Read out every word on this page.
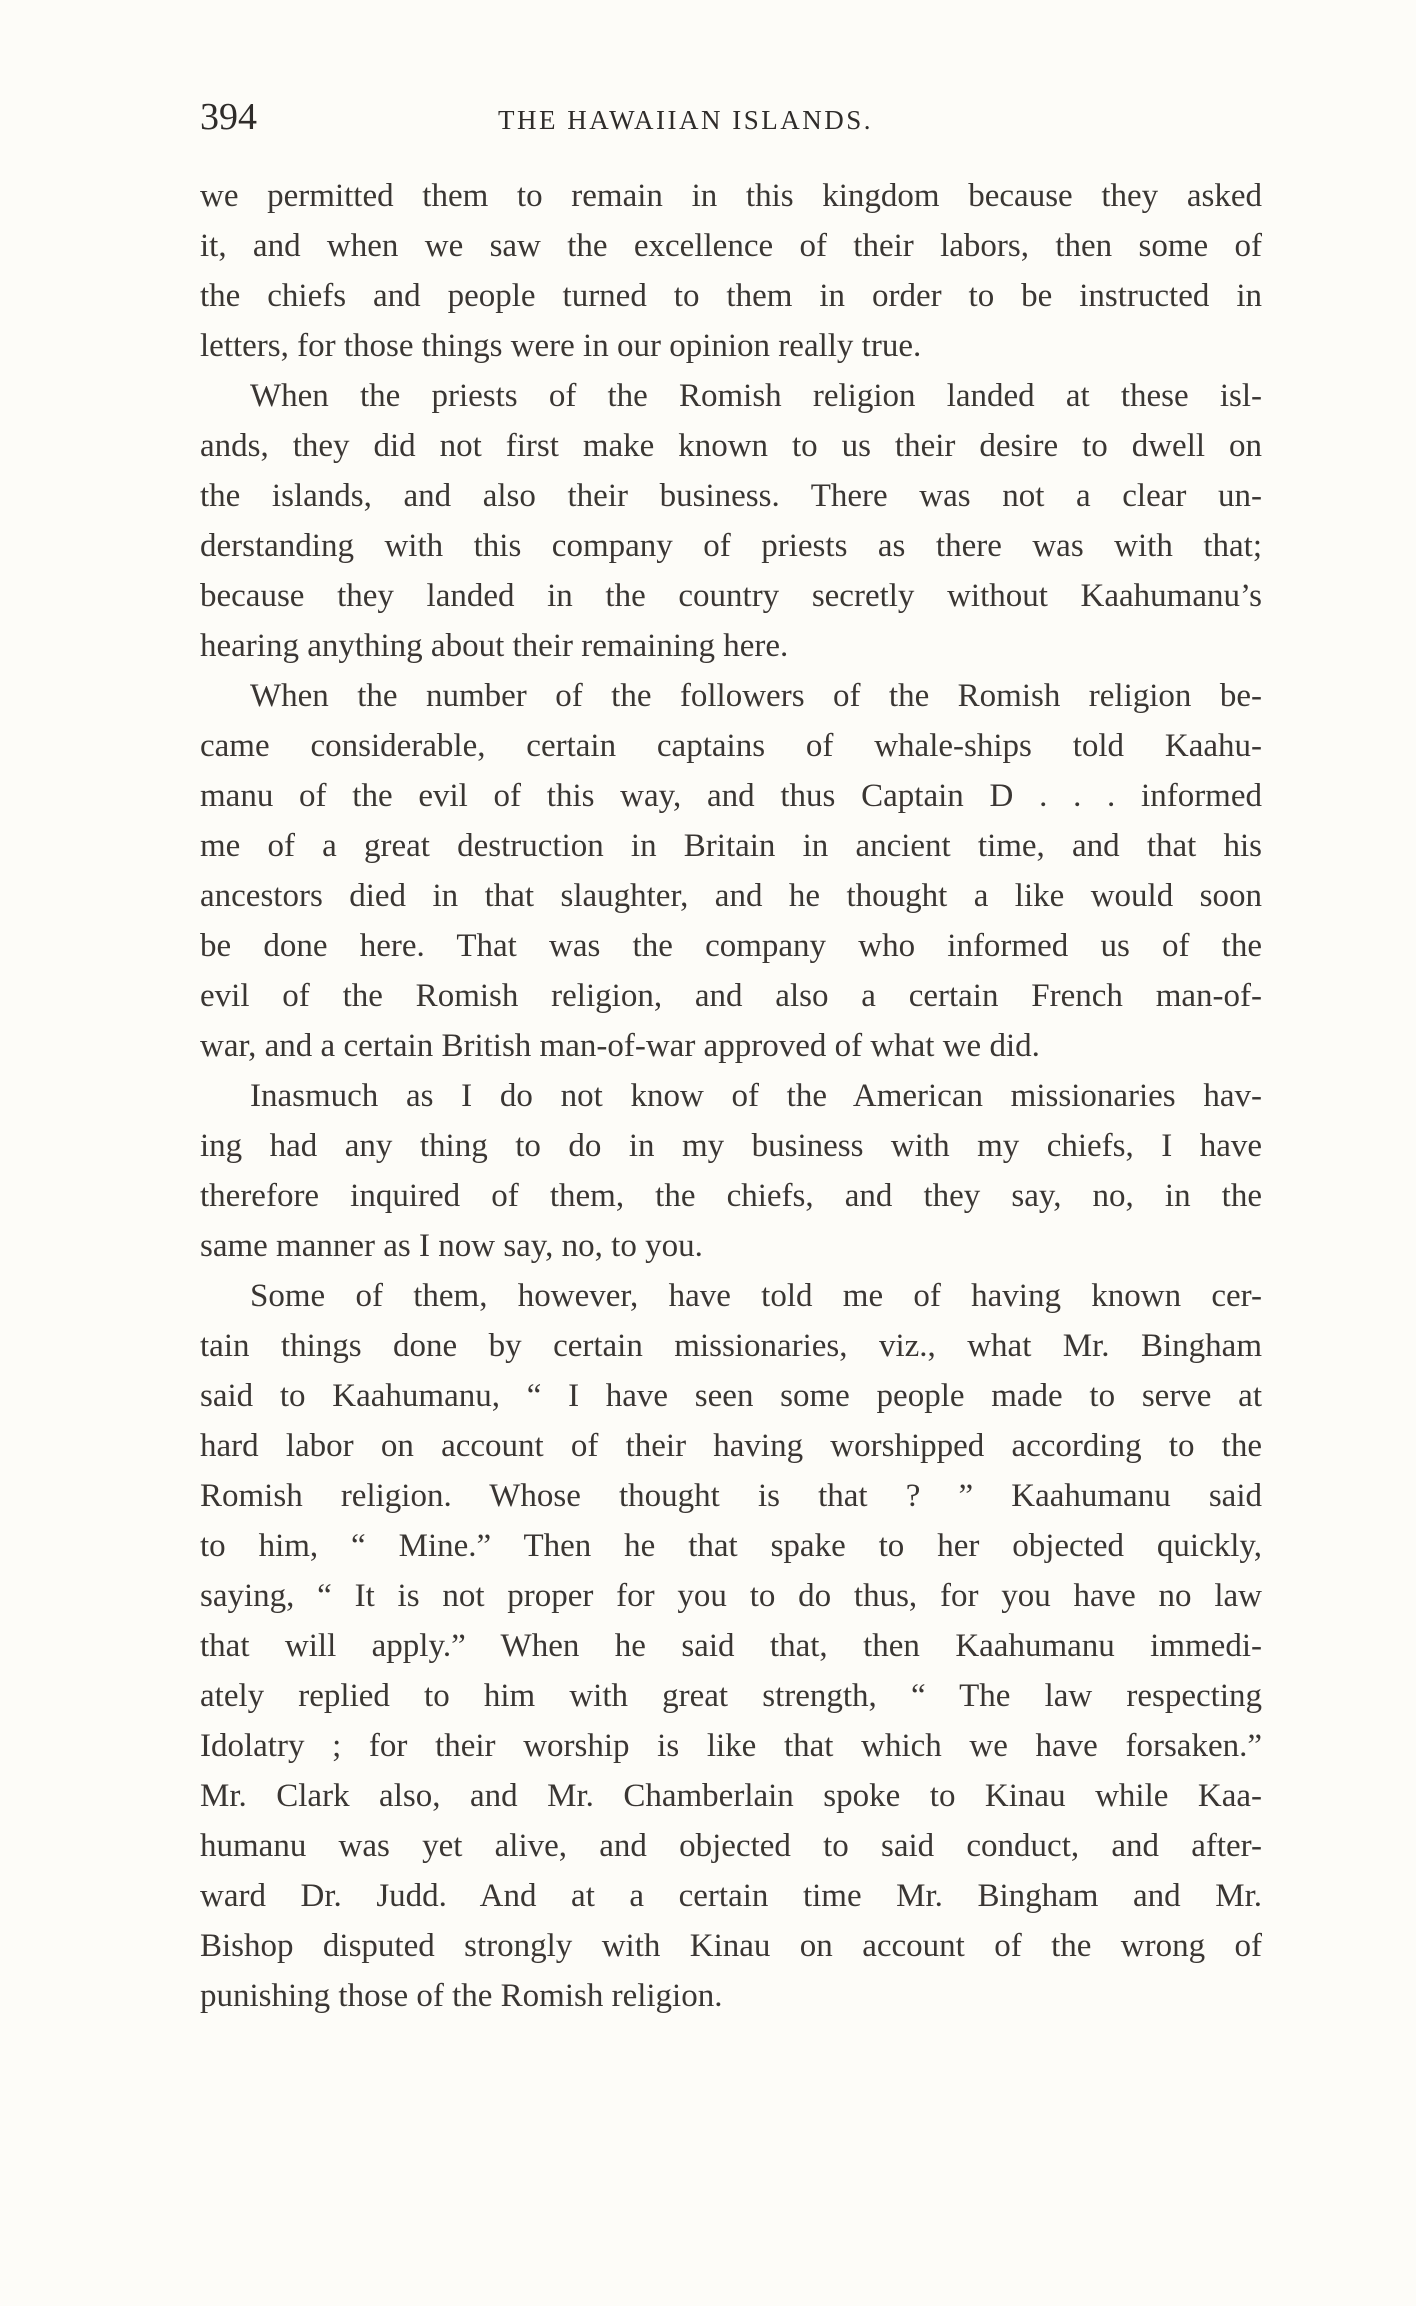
394	THE HAWAIIAN ISLANDS.

we permitted them to remain in this kingdom because they asked
it, and when we saw the excellence of their labors, then some of
the chiefs and people turned to them in order to be instructed in
letters, for those things were in our opinion really true.

When the priests of the Romish religion landed at these isl-
ands, they did not first make known to us their desire to dwell on
the islands, and also their business. There was not a clear un-
derstanding with this company of priests as there was with that;
because they landed in the country secretly without Kaahumanu’s
hearing anything about their remaining here.

When the number of the followers of the Romish religion be-
came considerable, certain captains of whale-ships told Kaahu-
manu of the evil of this way, and thus Captain D . . . informed
me of a great destruction in Britain in ancient time, and that his
ancestors died in that slaughter, and he thought a like would soon
be done here. That was the company who informed us of the
evil of the Romish religion, and also a certain French man-of-
war, and a certain British man-of-war approved of what we did.

Inasmuch as I do not know of the American missionaries hav-
ing had any thing to do in my business with my chiefs, I have
therefore inquired of them, the chiefs, and they say, no, in the
same manner as I now say, no, to you.

Some of them, however, have told me of having known cer-
tain things done by certain missionaries, viz., what Mr. Bingham
said to Kaahumanu, “ I have seen some people made to serve at
hard labor on account of their having worshipped according to the
Romish religion. Whose thought is that ? ” Kaahumanu said
to him, “ Mine.” Then he that spake to her objected quickly,
saying, “ It is not proper for you to do thus, for you have no law
that will apply.” When he said that, then Kaahumanu immedi-
ately replied to him with great strength, “ The law respecting
Idolatry ; for their worship is like that which we have forsaken.”
Mr. Clark also, and Mr. Chamberlain spoke to Kinau while Kaa-
humanu was yet alive, and objected to said conduct, and after-
ward Dr. Judd. And at a certain time Mr. Bingham and Mr.
Bishop disputed strongly with Kinau on account of the wrong of
punishing those of the Romish religion.
